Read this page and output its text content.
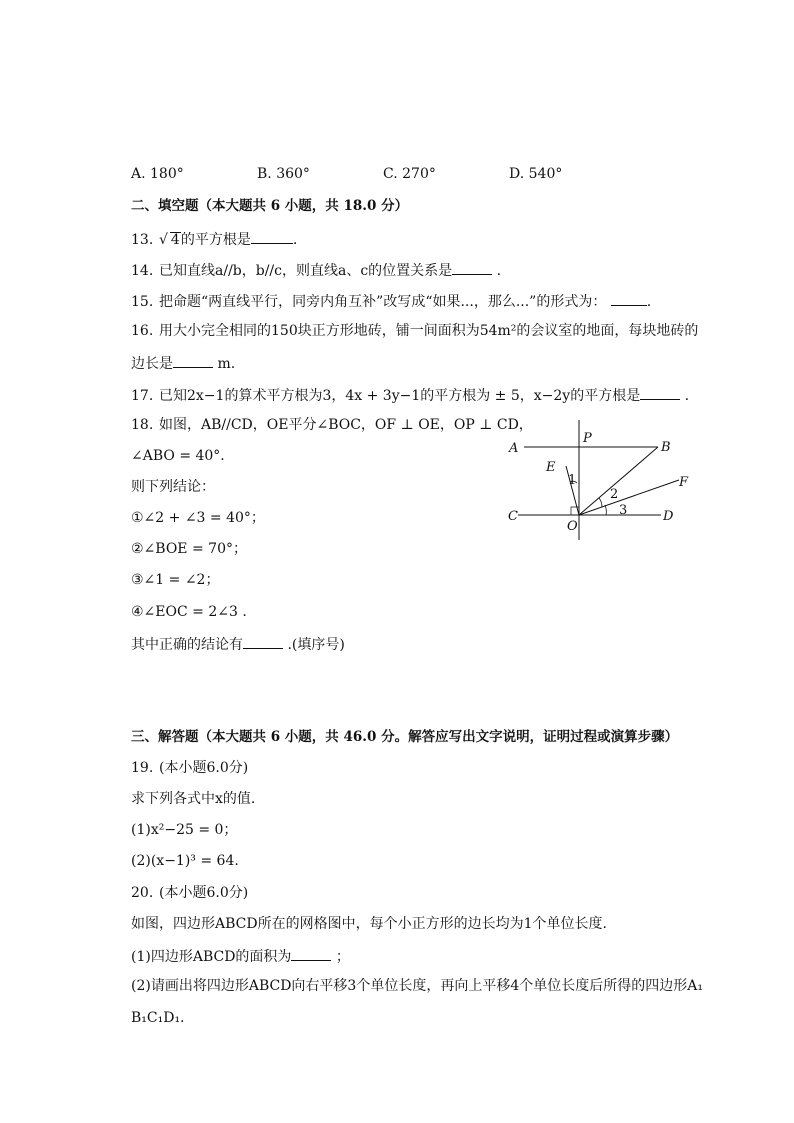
A. 180°	B. 360°	C. 270°	D. 540°
二、填空题（本大题共 6 小题，共 18.0 分）
13. √ 4的平方根是	.
14. 已知直线a//b，b//c，则直线a、c的位置关系是	.
15. 把命题“两直线平行，同旁内角互补”改写成“如果...，那么...”的形式为：	.
16. 用大小完全相同的150块正方形地砖，铺一间面积为54m²的会议室的地面，每块地砖的
边长是	m.
17. 已知2x−1的算术平方根为3，4x + 3y−1的平方根为 ± 5，x−2y的平方根是	.
18. 如图，AB//CD，OE平分∠BOC，OF ⊥ OE，OP ⊥ CD，
∠ABO = 40°.
则下列结论：
①∠2 + ∠3 = 40°；
②∠BOE = 70°；
③∠1 = ∠2；
④∠EOC = 2∠3 .
其中正确的结论有	.(填序号)
A
P
B
E
1	F
2
C	3	D
O
三、解答题（本大题共 6 小题，共 46.0 分。解答应写出文字说明，证明过程或演算步骤）
19. (本小题6.0分)
求下列各式中x的值.
(1)x²−25 = 0；
(2)(x−1)³ = 64.
20. (本小题6.0分)
如图，四边形ABCD所在的网格图中，每个小正方形的边长均为1个单位长度.
(1)四边形ABCD的面积为	；
(2)请画出将四边形ABCD向右平移3个单位长度，再向上平移4个单位长度后所得的四边形A₁
B₁C₁D₁.
